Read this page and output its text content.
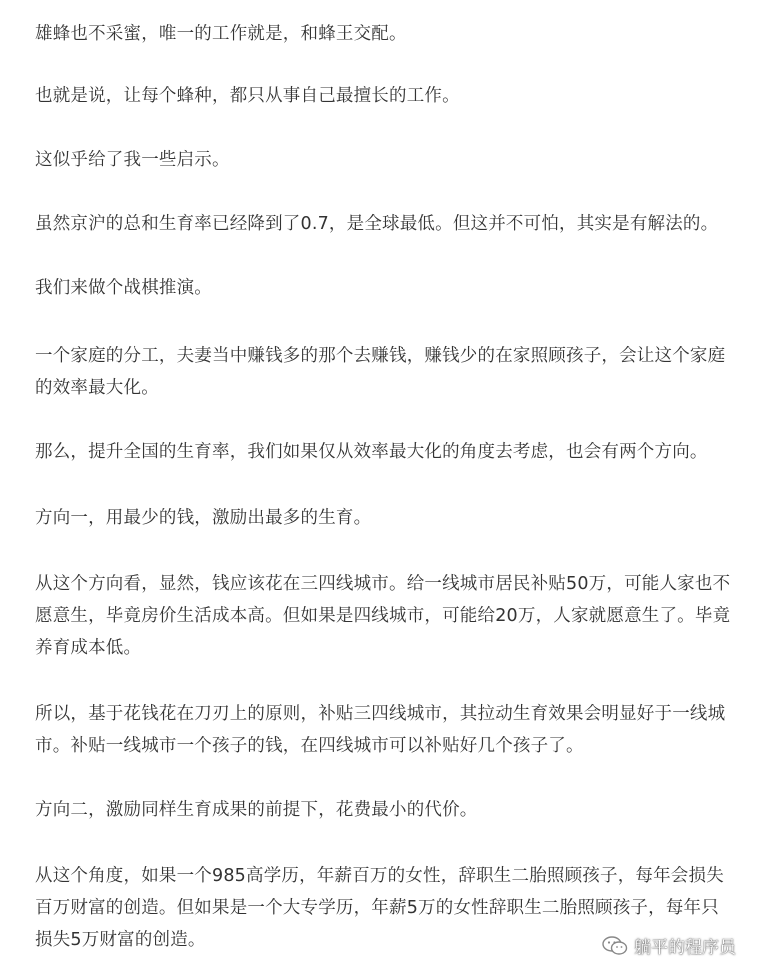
雄蜂也不采蜜，唯一的工作就是，和蜂王交配。

也就是说，让每个蜂种，都只从事自己最擅长的工作。

这似乎给了我一些启示。

虽然京沪的总和生育率已经降到了0.7，是全球最低。但这并不可怕，其实是有解法的。

我们来做个战棋推演。

一个家庭的分工，夫妻当中赚钱多的那个去赚钱，赚钱少的在家照顾孩子，会让这个家庭的效率最大化。

那么，提升全国的生育率，我们如果仅从效率最大化的角度去考虑，也会有两个方向。

方向一，用最少的钱，激励出最多的生育。

从这个方向看，显然，钱应该花在三四线城市。给一线城市居民补贴50万，可能人家也不愿意生，毕竟房价生活成本高。但如果是四线城市，可能给20万，人家就愿意生了。毕竟养育成本低。

所以，基于花钱花在刀刃上的原则，补贴三四线城市，其拉动生育效果会明显好于一线城市。补贴一线城市一个孩子的钱，在四线城市可以补贴好几个孩子了。

方向二，激励同样生育成果的前提下，花费最小的代价。

从这个角度，如果一个985高学历，年薪百万的女性，辞职生二胎照顾孩子，每年会损失百万财富的创造。但如果是一个大专学历，年薪5万的女性辞职生二胎照顾孩子，每年只损失5万财富的创造。	躺平的程序员
